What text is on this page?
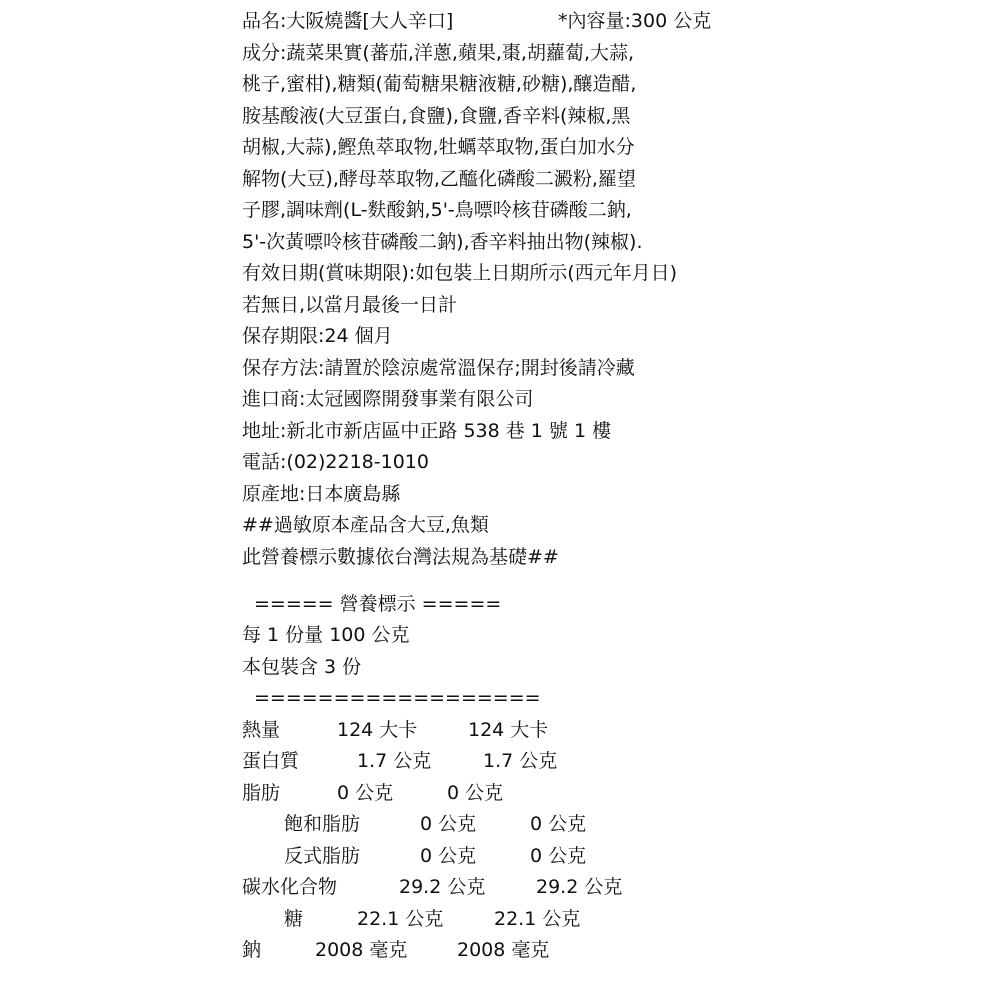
品名:大阪燒醬[大人辛口]	*內容量:300 公克
成分:蔬菜果實(蕃茄,洋蔥,蘋果,棗,胡蘿蔔,大蒜,
桃子,蜜柑),糖類(葡萄糖果糖液糖,砂糖),釀造醋,
胺基酸液(大豆蛋白,食鹽),食鹽,香辛料(辣椒,黑
胡椒,大蒜),鰹魚萃取物,牡蠣萃取物,蛋白加水分
解物(大豆),酵母萃取物,乙醯化磷酸二澱粉,羅望
子膠,調味劑(L-麩酸鈉,5'-鳥嘌呤核苷磷酸二鈉,
5'-次黃嘌呤核苷磷酸二鈉),香辛料抽出物(辣椒).
有效日期(賞味期限):如包裝上日期所示(西元年月日)
若無日,以當月最後一日計
保存期限:24 個月
保存方法:請置於陰涼處常溫保存;開封後請冷藏
進口商:太冠國際開發事業有限公司
地址:新北市新店區中正路 538 巷 1 號 1 樓
電話:(02)2218-1010
原產地:日本廣島縣
##過敏原本產品含大豆,魚類
此營養標示數據依台灣法規為基礎##
===== 營養標示 =====
每 1 份量 100 公克
本包裝含 3 份
==================
熱量	124 大卡	124 大卡
蛋白質	1.7 公克	1.7 公克
脂肪	0 公克	0 公克
飽和脂肪	0 公克	0 公克
反式脂肪	0 公克	0 公克
碳水化合物	29.2 公克	29.2 公克
糖	22.1 公克	22.1 公克
鈉	2008 毫克	2008 毫克
